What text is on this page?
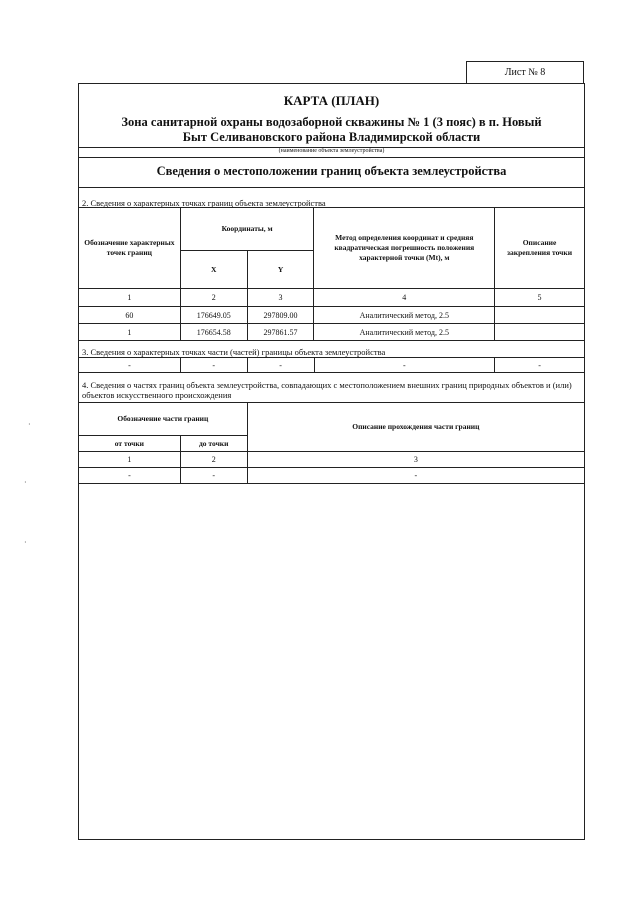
Лист № 8
КАРТА (ПЛАН)
Зона санитарной охраны водозаборной скважины № 1 (3 пояс) в п. Новый
Быт Селивановского района Владимирской области
(наименование объекта землеустройства)
Сведения о местоположении границ объекта землеустройства
2. Сведения о характерных точках границ объекта землеустройства
Обозначение характерных точек границ	Координаты, м		Метод определения координат и средняя квадратическая погрешность положения характерной точки (Mt), м	Описание закрепления точки
	X	Y		
1	2	3	4	5
60	176649.05	297809.00	Аналитический метод, 2.5	
1	176654.58	297861.57	Аналитический метод, 2.5	
3. Сведения о характерных точках части (частей) границы объекта землеустройства
-	-	-	-	-
4. Сведения о частях границ объекта землеустройства, совпадающих с местоположением внешних границ природных объектов и (или) объектов искусственного происхождения
Обозначение части границ		Описание прохождения части границ
от точки	до точки	
1	2	3
-	-	-
·
·
·
